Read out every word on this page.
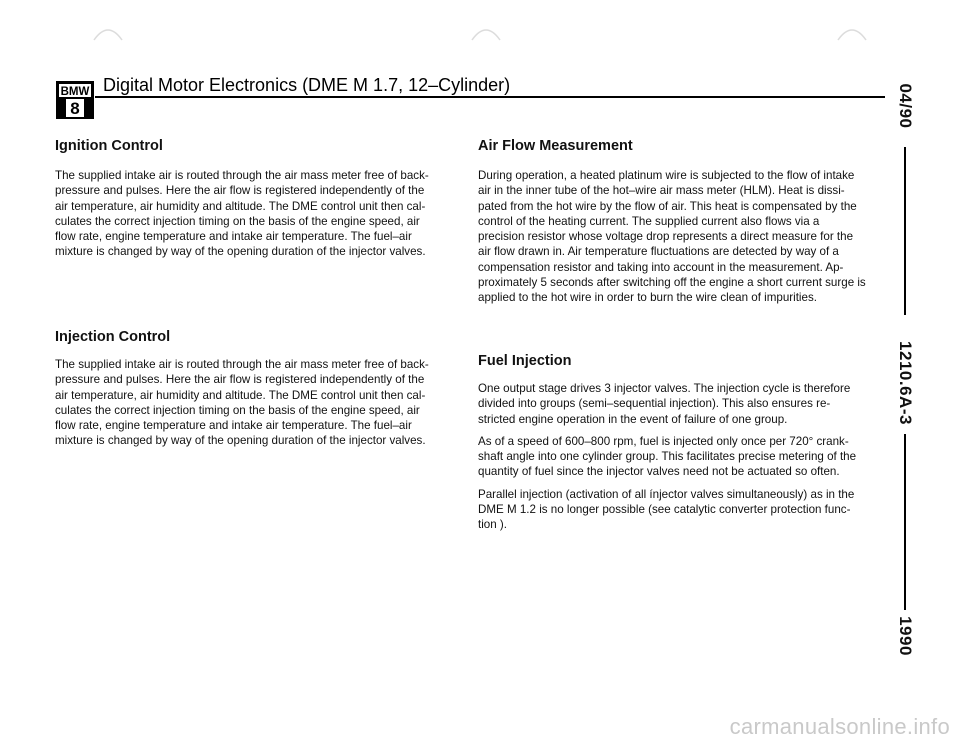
BMW
8
Digital Motor Electronics (DME M 1.7, 12–Cylinder)
Ignition Control

The supplied intake air is routed through the air mass meter free of back-pressure and pulses. Here the air flow is registered independently of the air temperature, air humidity and altitude. The DME control unit then cal-culates the correct injection timing on the basis of the engine speed, air flow rate, engine temperature and intake air temperature. The fuel–air mixture is changed by way of the opening duration of the injector valves.

Injection Control

The supplied intake air is routed through the air mass meter free of back-pressure and pulses. Here the air flow is registered independently of the air temperature, air humidity and altitude. The DME control unit then cal-culates the correct injection timing on the basis of the engine speed, air flow rate, engine temperature and intake air temperature. The fuel–air mixture is changed by way of the opening duration of the injector valves.

Air Flow Measurement

During operation, a heated platinum wire is subjected to the flow of intake air in the inner tube of the hot–wire air mass meter (HLM). Heat is dissi-pated from the hot wire by the flow of air. This heat is compensated by the control of the heating current. The supplied current also flows via a precision resistor whose voltage drop represents a direct measure for the air flow drawn in. Air temperature fluctuations are detected by way of a compensation resistor and taking into account in the measurement. Ap-proximately 5 seconds after switching off the engine a short current surge is applied to the hot wire in order to burn the wire clean of impurities.

Fuel Injection

One output stage drives 3 injector valves. The injection cycle is therefore divided into groups (semi–sequential injection). This also ensures re-stricted engine operation in the event of failure of one group.

As of a speed of 600–800 rpm, fuel is injected only once per 720° crank-shaft angle into one cylinder group. This facilitates precise metering of the quantity of fuel since the injector valves need not be actuated so often.

Parallel injection (activation of all ínjector valves simultaneously) as in the DME M 1.2 is no longer possible (see catalytic converter protection func-tion ).

04/90
1210.6A-3
1990
carmanualsonline.info
